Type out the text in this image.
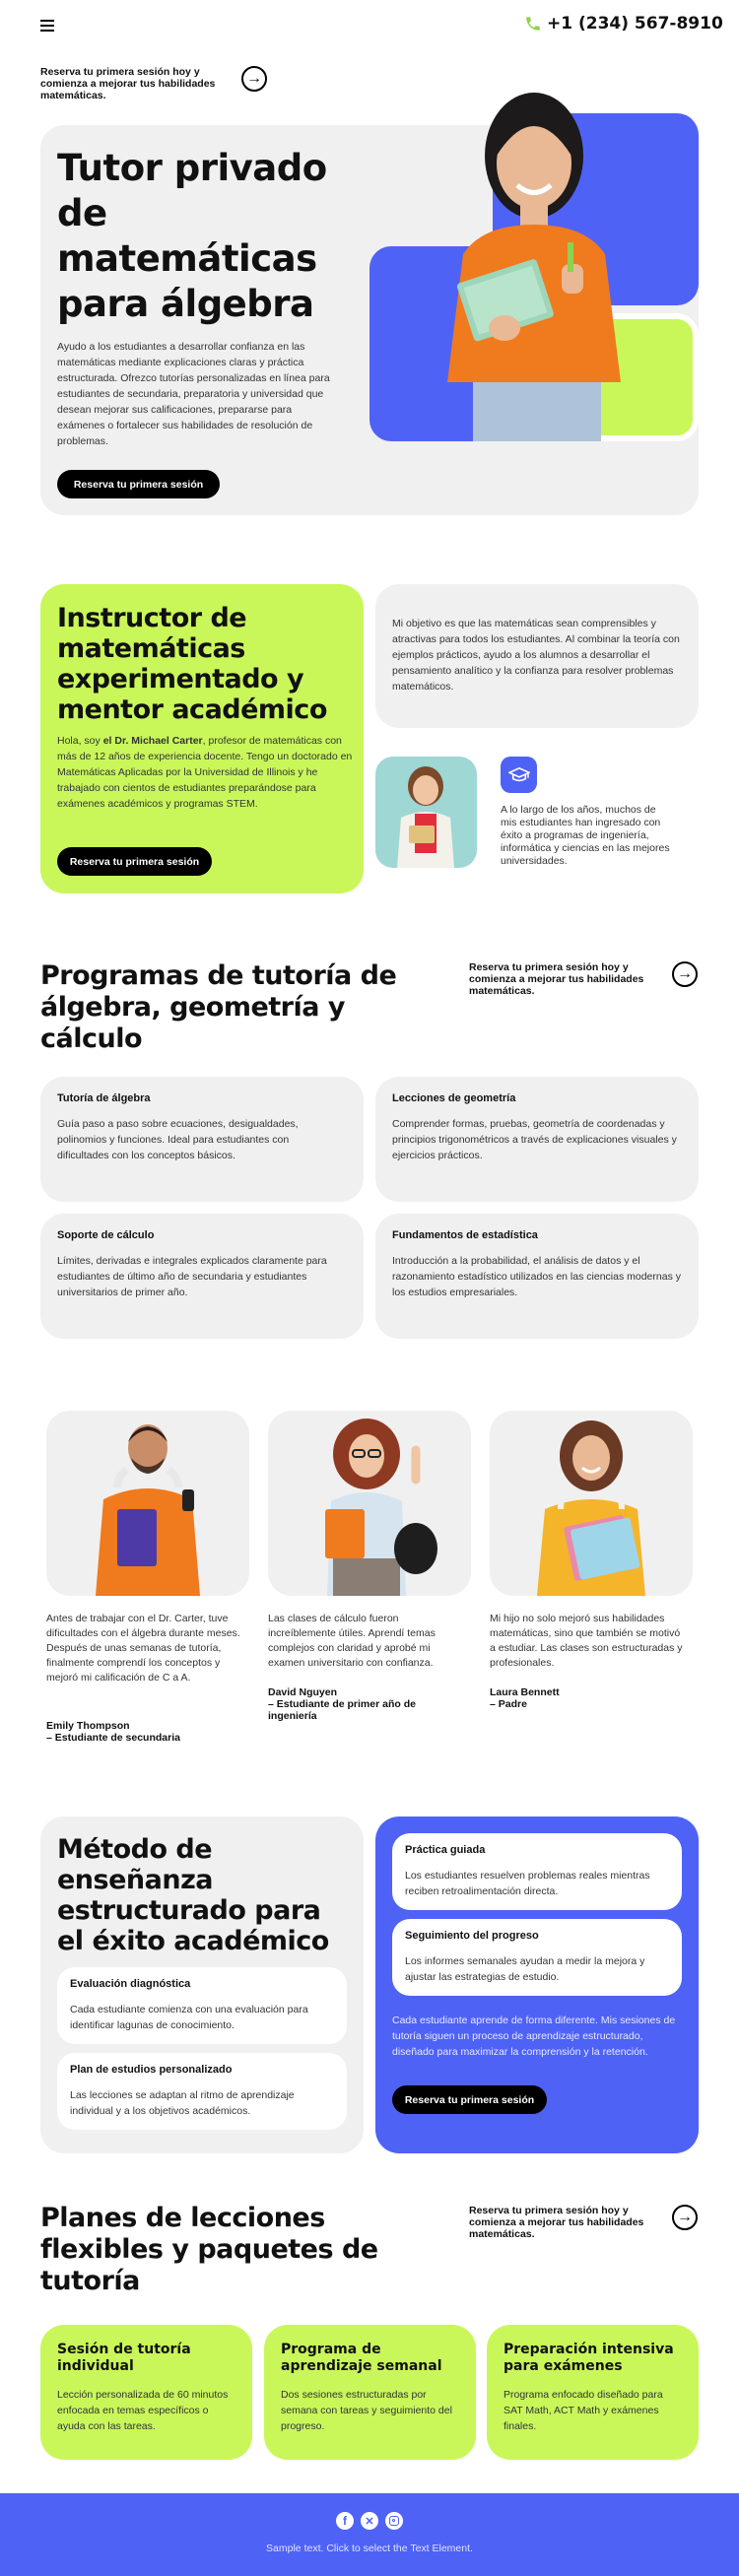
+1 (234) 567-8910
Reserva tu primera sesión hoy y comienza a mejorar tus habilidades matemáticas.
→
Tutor privado de matemáticas para álgebra
Ayudo a los estudiantes a desarrollar confianza en las matemáticas mediante explicaciones claras y práctica estructurada. Ofrezco tutorías personalizadas en línea para estudiantes de secundaria, preparatoria y universidad que desean mejorar sus calificaciones, prepararse para exámenes o fortalecer sus habilidades de resolución de problemas.
Reserva tu primera sesión
Instructor de matemáticas experimentado y mentor académico
Hola, soy el Dr. Michael Carter, profesor de matemáticas con más de 12 años de experiencia docente. Tengo un doctorado en Matemáticas Aplicadas por la Universidad de Illinois y he trabajado con cientos de estudiantes preparándose para exámenes académicos y programas STEM.
Reserva tu primera sesión
Mi objetivo es que las matemáticas sean comprensibles y atractivas para todos los estudiantes. Al combinar la teoría con ejemplos prácticos, ayudo a los alumnos a desarrollar el pensamiento analítico y la confianza para resolver problemas matemáticos.
A lo largo de los años, muchos de mis estudiantes han ingresado con éxito a programas de ingeniería, informática y ciencias en las mejores universidades.
Programas de tutoría de álgebra, geometría y cálculo
Reserva tu primera sesión hoy y comienza a mejorar tus habilidades matemáticas.
→
Tutoría de álgebra
Guía paso a paso sobre ecuaciones, desigualdades, polinomios y funciones. Ideal para estudiantes con dificultades con los conceptos básicos.
Lecciones de geometría
Comprender formas, pruebas, geometría de coordenadas y principios trigonométricos a través de explicaciones visuales y ejercicios prácticos.
Soporte de cálculo
Límites, derivadas e integrales explicados claramente para estudiantes de último año de secundaria y estudiantes universitarios de primer año.
Fundamentos de estadística
Introducción a la probabilidad, el análisis de datos y el razonamiento estadístico utilizados en las ciencias modernas y los estudios empresariales.
Antes de trabajar con el Dr. Carter, tuve dificultades con el álgebra durante meses. Después de unas semanas de tutoría, finalmente comprendí los conceptos y mejoró mi calificación de C a A.
Emily Thompson
– Estudiante de secundaria
Las clases de cálculo fueron increíblemente útiles. Aprendí temas complejos con claridad y aprobé mi examen universitario con confianza.
David Nguyen
– Estudiante de primer año de ingeniería
Mi hijo no solo mejoró sus habilidades matemáticas, sino que también se motivó a estudiar. Las clases son estructuradas y profesionales.
Laura Bennett
– Padre
Método de enseñanza estructurado para el éxito académico
Evaluación diagnóstica
Cada estudiante comienza con una evaluación para identificar lagunas de conocimiento.
Plan de estudios personalizado
Las lecciones se adaptan al ritmo de aprendizaje individual y a los objetivos académicos.
Práctica guiada
Los estudiantes resuelven problemas reales mientras reciben retroalimentación directa.
Seguimiento del progreso
Los informes semanales ayudan a medir la mejora y ajustar las estrategias de estudio.
Cada estudiante aprende de forma diferente. Mis sesiones de tutoría siguen un proceso de aprendizaje estructurado, diseñado para maximizar la comprensión y la retención.
Reserva tu primera sesión
Planes de lecciones flexibles y paquetes de tutoría
Reserva tu primera sesión hoy y comienza a mejorar tus habilidades matemáticas.
→
Sesión de tutoría individual
Lección personalizada de 60 minutos enfocada en temas específicos o ayuda con las tareas.
Programa de aprendizaje semanal
Dos sesiones estructuradas por semana con tareas y seguimiento del progreso.
Preparación intensiva para exámenes
Programa enfocado diseñado para SAT Math, ACT Math y exámenes finales.
f	✕
Sample text. Click to select the Text Element.
